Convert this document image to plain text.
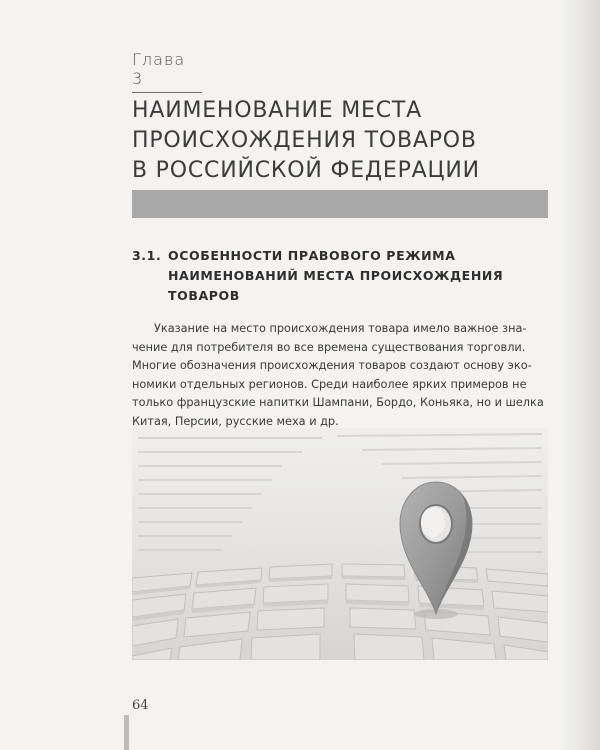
Глава 3
НАИМЕНОВАНИЕ МЕСТА
ПРОИСХОЖДЕНИЯ ТОВАРОВ
В РОССИЙСКОЙ ФЕДЕРАЦИИ
3.1. ОСОБЕННОСТИ ПРАВОВОГО РЕЖИМА
НАИМЕНОВАНИЙ МЕСТА ПРОИСХОЖДЕНИЯ
ТОВАРОВ

Указание на место происхождения товара имело важное зна-
чение для потребителя во все времена существования торговли.
Многие обозначения происхождения товаров создают основу эко-
номики отдельных регионов. Среди наиболее ярких примеров не
только французские напитки Шампани, Бордо, Коньяка, но и шелка
Китая, Персии, русские меха и др.

64
